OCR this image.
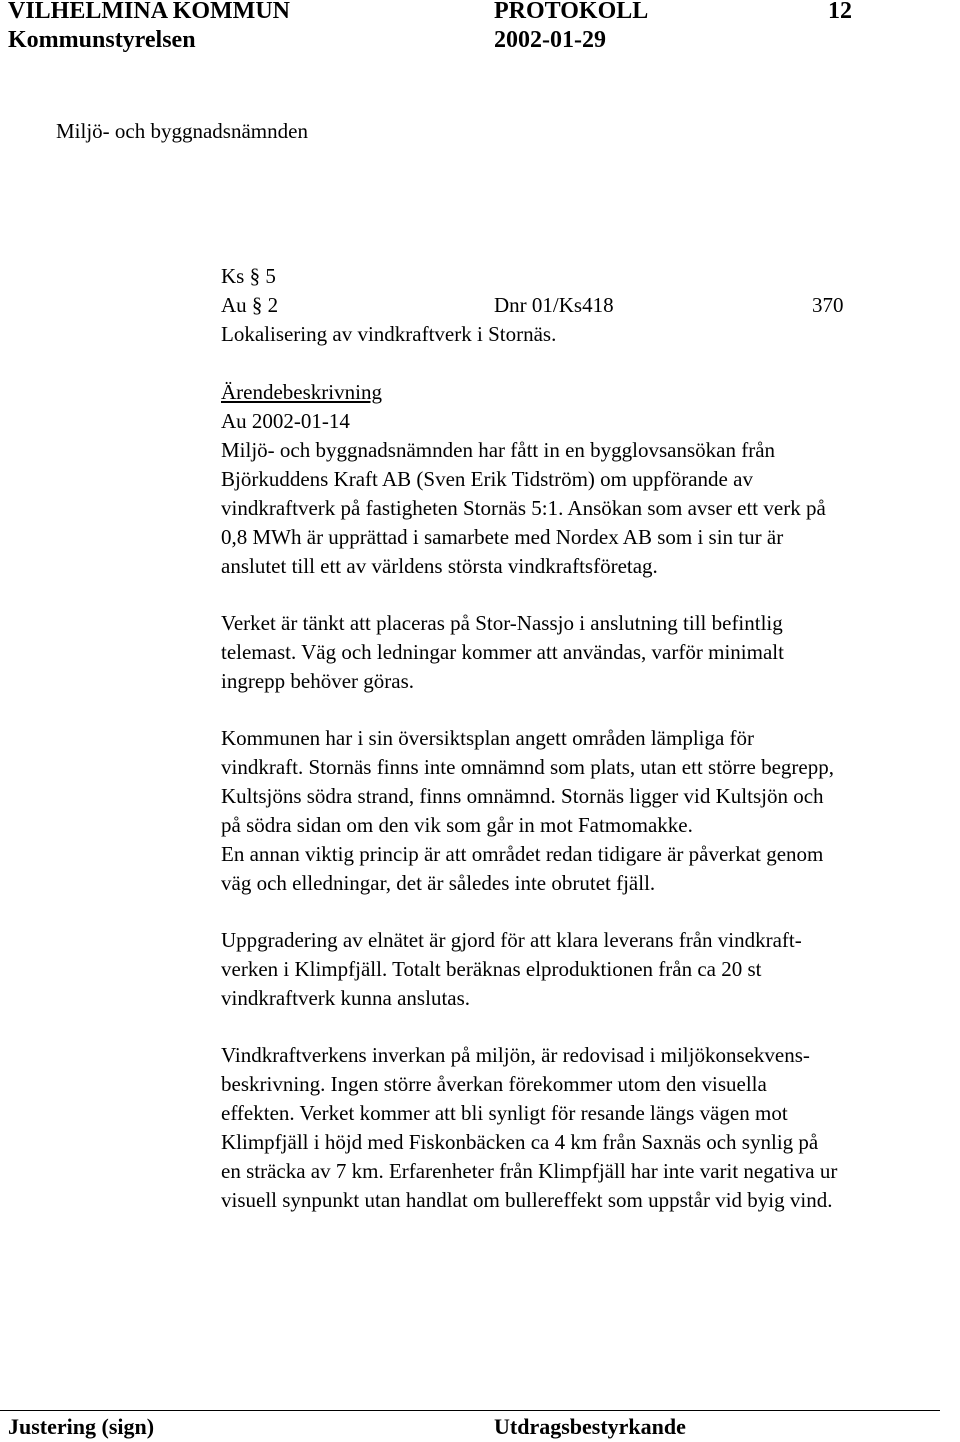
VILHELMINA KOMMUN	PROTOKOLL	12
Kommunstyrelsen	2002-01-29
Miljö- och byggnadsnämnden
Ks § 5
Au § 2	Dnr 01/Ks418	370
Lokalisering av vindkraftverk i Stornäs.
Ärendebeskrivning
Au 2002-01-14
Miljö- och byggnadsnämnden har fått in en bygglovsansökan från
Björkuddens Kraft AB (Sven Erik Tidström) om uppförande av
vindkraftverk på fastigheten Stornäs 5:1. Ansökan som avser ett verk på
0,8 MWh är upprättad i samarbete med Nordex AB som i sin tur är
anslutet till ett av världens största vindkraftsföretag.
Verket är tänkt att placeras på Stor-Nassjo i anslutning till befintlig
telemast. Väg och ledningar kommer att användas, varför minimalt
ingrepp behöver göras.
Kommunen har i sin översiktsplan angett områden lämpliga för
vindkraft. Stornäs finns inte omnämnd som plats, utan ett större begrepp,
Kultsjöns södra strand, finns omnämnd. Stornäs ligger vid Kultsjön och
på södra sidan om den vik som går in mot Fatmomakke.
En annan viktig princip är att området redan tidigare är påverkat genom
väg och elledningar, det är således inte obrutet fjäll.
Uppgradering av elnätet är gjord för att klara leverans från vindkraft-
verken i Klimpfjäll. Totalt beräknas elproduktionen från ca 20 st
vindkraftverk kunna anslutas.
Vindkraftverkens inverkan på miljön, är redovisad i miljökonsekvens-
beskrivning. Ingen större åverkan förekommer utom den visuella
effekten. Verket kommer att bli synligt för resande längs vägen mot
Klimpfjäll i höjd med Fiskonbäcken ca 4 km från Saxnäs och synlig på
en sträcka av 7 km. Erfarenheter från Klimpfjäll har inte varit negativa ur
visuell synpunkt utan handlat om bullereffekt som uppstår vid byig vind.
Justering (sign)	Utdragsbestyrkande
